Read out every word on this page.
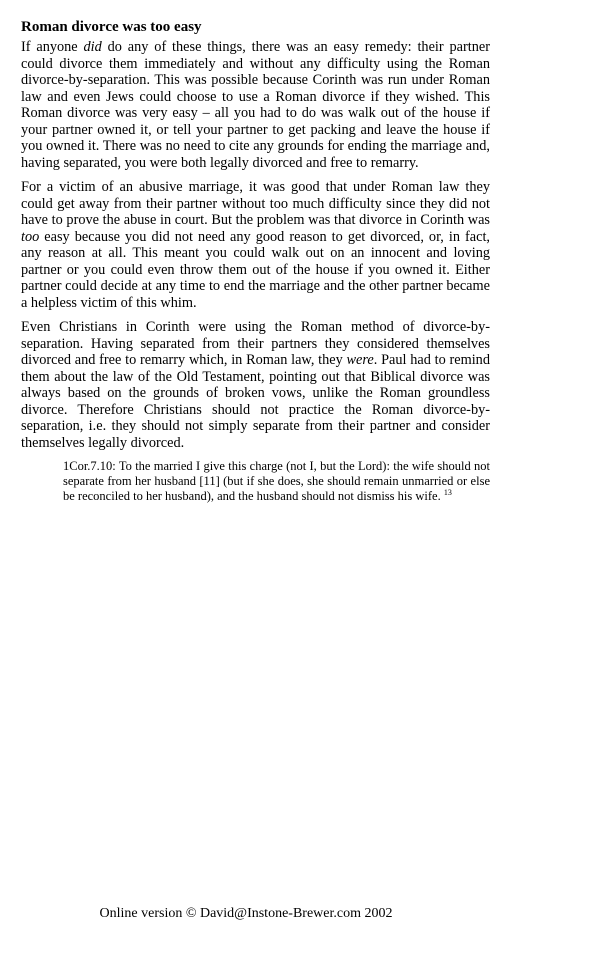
Roman divorce was too easy

If anyone did do any of these things, there was an easy remedy: their partner could divorce them immediately and without any difficulty using the Roman divorce-by-separation. This was possible because Corinth was run under Roman law and even Jews could choose to use a Roman divorce if they wished. This Roman divorce was very easy – all you had to do was walk out of the house if your partner owned it, or tell your partner to get packing and leave the house if you owned it. There was no need to cite any grounds for ending the marriage and, having separated, you were both legally divorced and free to remarry.

For a victim of an abusive marriage, it was good that under Roman law they could get away from their partner without too much difficulty since they did not have to prove the abuse in court. But the problem was that divorce in Corinth was too easy because you did not need any good reason to get divorced, or, in fact, any reason at all. This meant you could walk out on an innocent and loving partner or you could even throw them out of the house if you owned it. Either partner could decide at any time to end the marriage and the other partner became a helpless victim of this whim.

Even Christians in Corinth were using the Roman method of divorce-by-separation. Having separated from their partners they considered themselves divorced and free to remarry which, in Roman law, they were. Paul had to remind them about the law of the Old Testament, pointing out that Biblical divorce was always based on the grounds of broken vows, unlike the Roman groundless divorce. Therefore Christians should not practice the Roman divorce-by-separation, i.e. they should not simply separate from their partner and consider themselves legally divorced.

1Cor.7.10: To the married I give this charge (not I, but the Lord): the wife should not separate from her husband [11] (but if she does, she should remain unmarried or else be reconciled to her husband), and the husband should not dismiss his wife. $^{13}$
Online version © David@Instone-Brewer.com 2002
